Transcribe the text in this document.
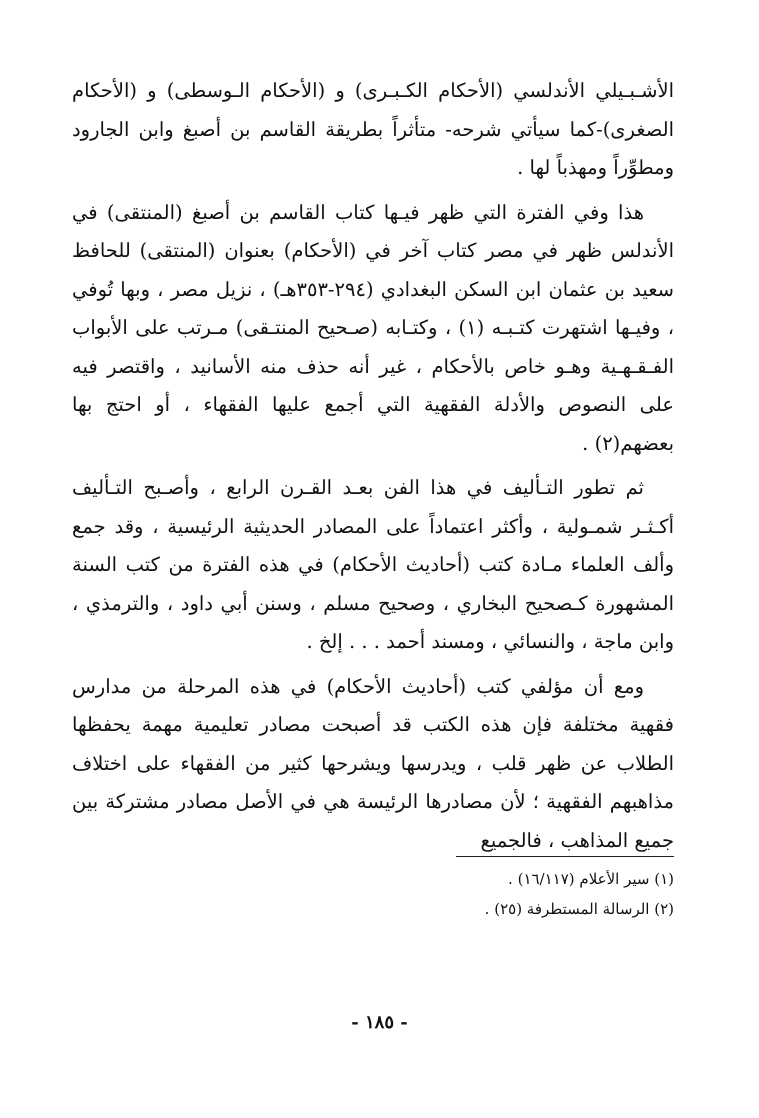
الأشـبـيلي الأندلسي (الأحكام الكـبـرى) و (الأحكام الـوسطى) و (الأحكام الصغرى)-كما سيأتي شرحه- متأثراً بطريقة القاسم بن أصبغ وابن الجارود ومطوِّراً ومهذباً لها .

هذا وفي الفترة التي ظهر فيـها كتاب القاسم بن أصبغ (المنتقى) في الأندلس ظهر في مصر كتاب آخر في (الأحكام) بعنوان (المنتقى) للحافظ سعيد بن عثمان ابن السكن البغدادي (٢٩٤-٣٥٣هـ) ، نزيل مصر ، وبها تُوفي ، وفيـها اشتهرت كتـبـه (١) ، وكتـابه (صـحيح المنتـقى) مـرتب على الأبواب الفـقـهـية وهـو خاص بالأحكام ، غير أنه حذف منه الأسانيد ، واقتصر فيه على النصوص والأدلة الفقهية التي أجمع عليها الفقهاء ، أو احتج بها بعضهم(٢) .

ثم تطور التـأليف في هذا الفن بعـد القـرن الرابع ، وأصـبح التـأليف أكـثـر شمـولية ، وأكثر اعتماداً على المصادر الحديثية الرئيسية ، وقد جمع وألف العلماء مـادة كتب (أحاديث الأحكام) في هذه الفترة من كتب السنة المشهورة كـصحيح البخاري ، وصحيح مسلم ، وسنن أبي داود ، والترمذي ، وابن ماجة ، والنسائي ، ومسند أحمد . . . إلخ .

ومع أن مؤلفي كتب (أحاديث الأحكام) في هذه المرحلة من مدارس فقهية مختلفة فإن هذه الكتب قد أصبحت مصادر تعليمية مهمة يحفظها الطلاب عن ظهر قلب ، ويدرسها ويشرحها كثير من الفقهاء على اختلاف مذاهبهم الفقهية ؛ لأن مصادرها الرئيسة هي في الأصل مصادر مشتركة بين جميع المذاهب ، فالجميع

(١) سير الأعلام (١٦/١١٧) .
(٢) الرسالة المستطرفة (٢٥) .
- ١٨٥ -
